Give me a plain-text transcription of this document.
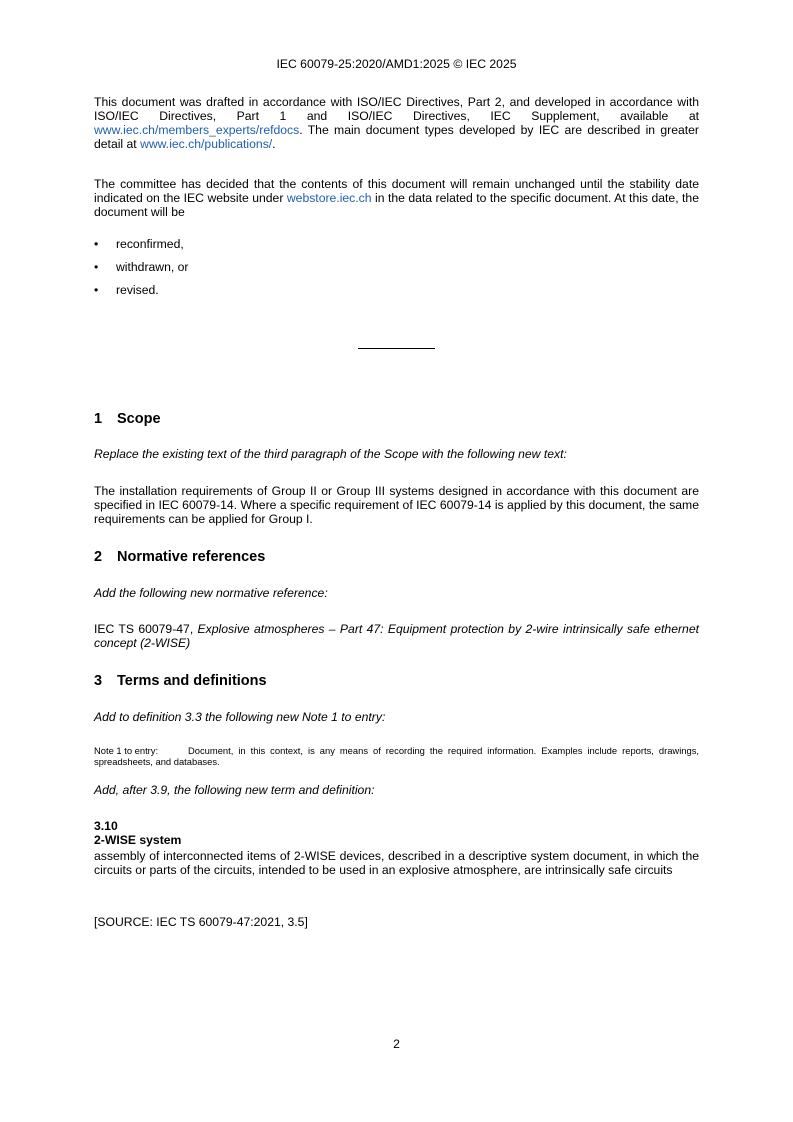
IEC 60079-25:2020/AMD1:2025 © IEC 2025
This document was drafted in accordance with ISO/IEC Directives, Part 2, and developed in accordance with ISO/IEC Directives, Part 1 and ISO/IEC Directives, IEC Supplement, available at www.iec.ch/members_experts/refdocs. The main document types developed by IEC are described in greater detail at www.iec.ch/publications/.
The committee has decided that the contents of this document will remain unchanged until the stability date indicated on the IEC website under webstore.iec.ch in the data related to the specific document. At this date, the document will be
• reconfirmed,
• withdrawn, or
• revised.
1 Scope
Replace the existing text of the third paragraph of the Scope with the following new text:
The installation requirements of Group II or Group III systems designed in accordance with this document are specified in IEC 60079-14. Where a specific requirement of IEC 60079-14 is applied by this document, the same requirements can be applied for Group I.
2 Normative references
Add the following new normative reference:
IEC TS 60079-47, Explosive atmospheres – Part 47: Equipment protection by 2-wire intrinsically safe ethernet concept (2-WISE)
3 Terms and definitions
Add to definition 3.3 the following new Note 1 to entry:
Note 1 to entry:	Document, in this context, is any means of recording the required information. Examples include reports, drawings, spreadsheets, and databases.
Add, after 3.9, the following new term and definition:
3.10
2-WISE system
assembly of interconnected items of 2-WISE devices, described in a descriptive system document, in which the circuits or parts of the circuits, intended to be used in an explosive atmosphere, are intrinsically safe circuits
[SOURCE: IEC TS 60079-47:2021, 3.5]
2
